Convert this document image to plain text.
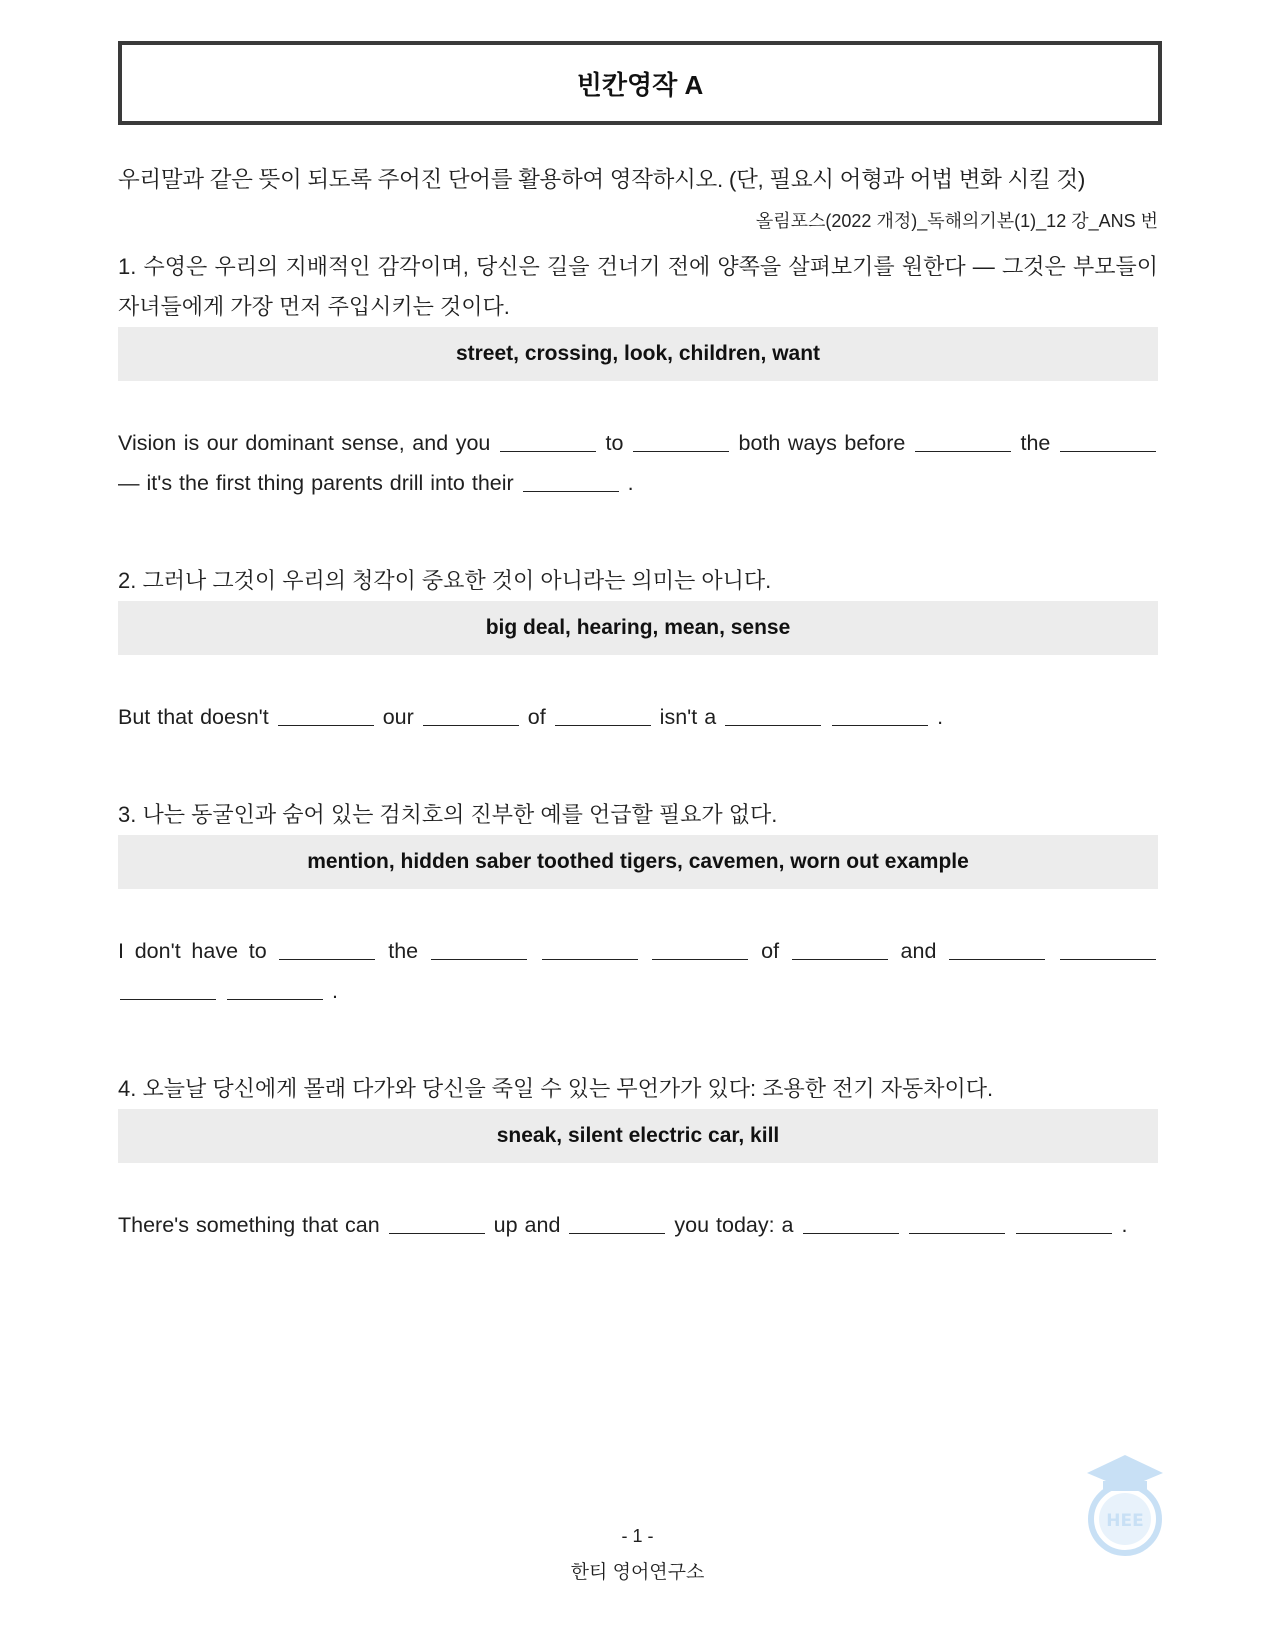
빈칸영작 A
우리말과 같은 뜻이 되도록 주어진 단어를 활용하여 영작하시오. (단, 필요시 어형과 어법 변화 시킬 것)
올림포스(2022 개정)_독해의기본(1)_12 강_ANS 번
1. 수영은 우리의 지배적인 감각이며, 당신은 길을 건너기 전에 양쪽을 살펴보기를 원한다 — 그것은 부모들이 자녀들에게 가장 먼저 주입시키는 것이다.
street, crossing, look, children, want
Vision is our dominant sense, and you	to	both ways before	the  — it's the first thing parents drill into their	.
2. 그러나 그것이 우리의 청각이 중요한 것이 아니라는 의미는 아니다.
big deal, hearing, mean, sense
But that doesn't	our	of	isn't a	.
3. 나는 동굴인과 숨어 있는 검치호의 진부한 예를 언급할 필요가 없다.
mention, hidden saber toothed tigers, cavemen, worn out example
I don't have to	the	of	and     .
4. 오늘날 당신에게 몰래 다가와 당신을 죽일 수 있는 무언가가 있다: 조용한 전기 자동차이다.
sneak, silent electric car, kill
There's something that can	up and	you today: a	.
- 1 -
한티 영어연구소
HEE
